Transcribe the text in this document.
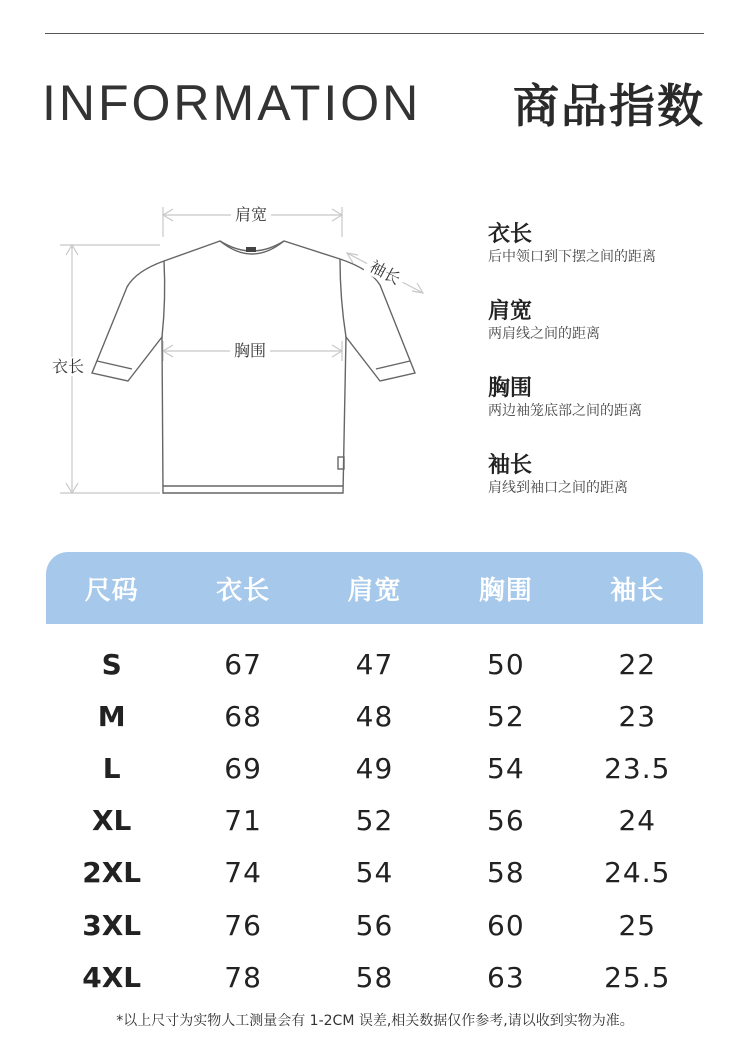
INFORMATION 商品指数
肩宽
胸围
衣长
袖长
衣长
后中领口到下摆之间的距离
肩宽
两肩线之间的距离
胸围
两边袖笼底部之间的距离
袖长
肩线到袖口之间的距离
尺码	衣长	肩宽	胸围	袖长
S	67	47	50	22
M	68	48	52	23
L	69	49	54	23.5
XL	71	52	56	24
2XL	74	54	58	24.5
3XL	76	56	60	25
4XL	78	58	63	25.5
*以上尺寸为实物人工测量会有 1-2CM 误差,相关数据仅作参考,请以收到实物为准。
